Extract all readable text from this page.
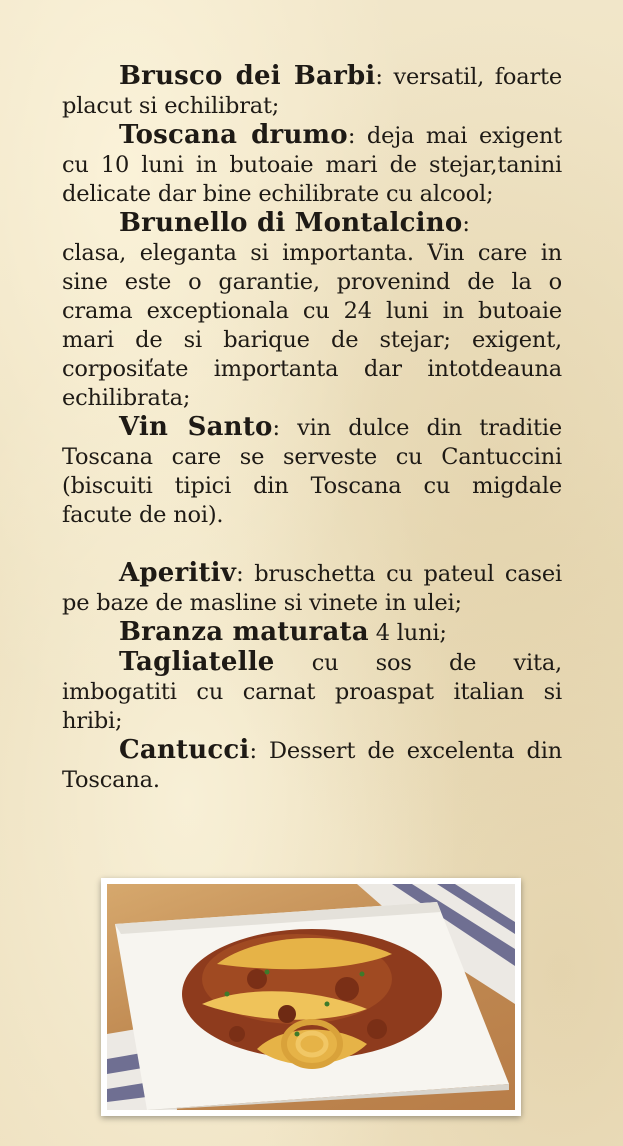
Brusco dei Barbi: versatil, foarte placut si echilibrat;

Toscana drumo: deja mai exigent cu 10 luni in butoaie mari de stejar,tanini delicate dar bine echilibrate cu alcool;

Brunello di Montalcino:

clasa, eleganta si importanta. Vin care in sine este o garantie, provenind de la o crama exceptionala cu 24 luni in butoaie mari de si barique de stejar; exigent, corposiťate importanta dar intotdeauna echilibrata;

Vin Santo: vin dulce din traditie Toscana care se serveste cu Cantuccini (biscuiti tipici din Toscana cu migdale facute de noi).

Aperitiv: bruschetta cu pateul casei pe baze de masline si vinete in ulei;

Branza maturata 4 luni;

Tagliatelle cu sos de vita, imbogatiti cu carnat proaspat italian si hribi;

Cantucci: Dessert de excelenta din Toscana.
